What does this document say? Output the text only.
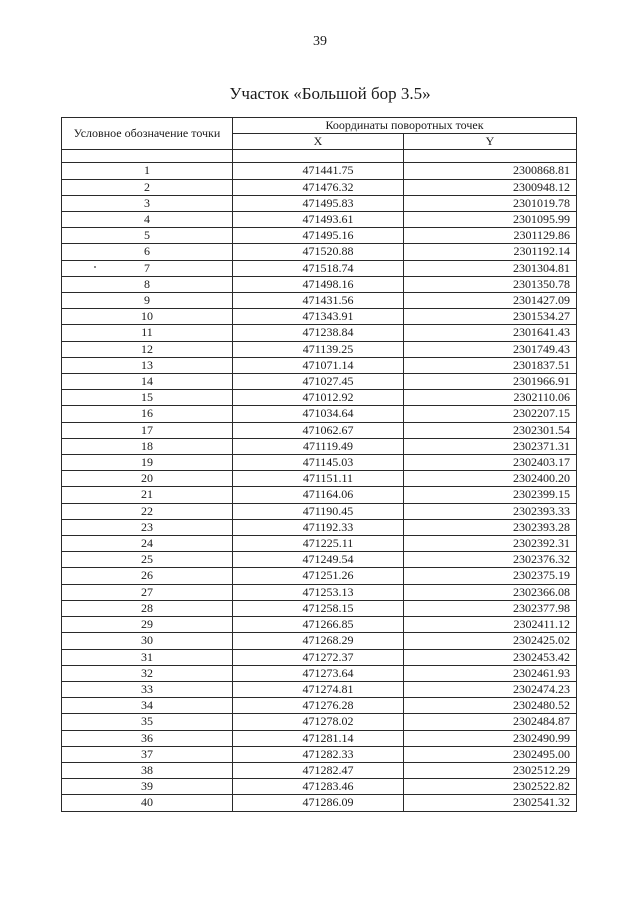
39
Участок «Большой бор 3.5»
Условное обозначение точки	Координаты поворотных точек	
	X	Y

1	471441.75	2300868.81
2	471476.32	2300948.12
3	471495.83	2301019.78
4	471493.61	2301095.99
5	471495.16	2301129.86
6	471520.88	2301192.14
7	471518.74	2301304.81
8	471498.16	2301350.78
9	471431.56	2301427.09
10	471343.91	2301534.27
11	471238.84	2301641.43
12	471139.25	2301749.43
13	471071.14	2301837.51
14	471027.45	2301966.91
15	471012.92	2302110.06
16	471034.64	2302207.15
17	471062.67	2302301.54
18	471119.49	2302371.31
19	471145.03	2302403.17
20	471151.11	2302400.20
21	471164.06	2302399.15
22	471190.45	2302393.33
23	471192.33	2302393.28
24	471225.11	2302392.31
25	471249.54	2302376.32
26	471251.26	2302375.19
27	471253.13	2302366.08
28	471258.15	2302377.98
29	471266.85	2302411.12
30	471268.29	2302425.02
31	471272.37	2302453.42
32	471273.64	2302461.93
33	471274.81	2302474.23
34	471276.28	2302480.52
35	471278.02	2302484.87
36	471281.14	2302490.99
37	471282.33	2302495.00
38	471282.47	2302512.29
39	471283.46	2302522.82
40	471286.09	2302541.32
